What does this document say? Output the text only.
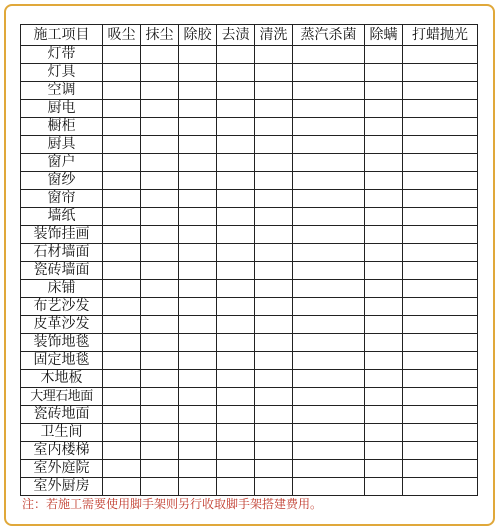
施工项目	吸尘	抹尘	除胶	去渍	清洗	蒸汽杀菌	除螨	打蜡抛光
灯带								
灯具								
空调								
厨电								
橱柜								
厨具								
窗户								
窗纱								
窗帘								
墙纸								
装饰挂画								
石材墙面								
瓷砖墙面								
床铺								
布艺沙发								
皮革沙发								
装饰地毯								
固定地毯								
木地板								
大理石地面								
瓷砖地面								
卫生间								
室内楼梯								
室外庭院								
室外厨房								
注：若施工需要使用脚手架则另行收取脚手架搭建费用。
